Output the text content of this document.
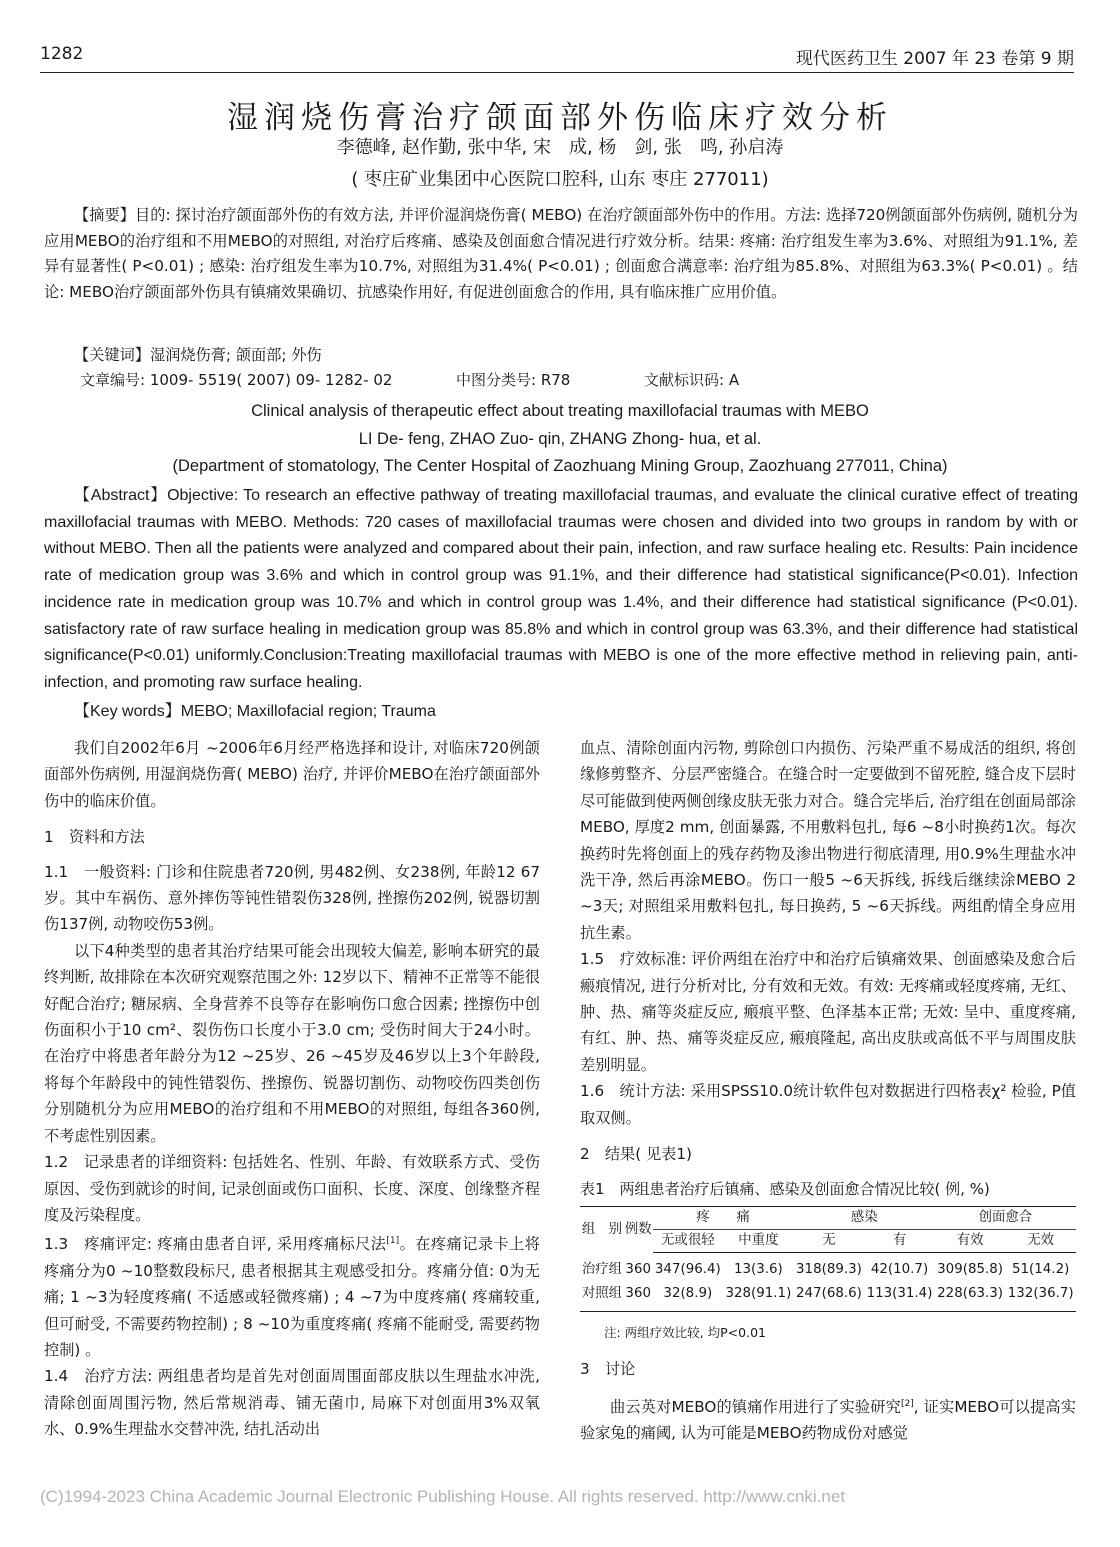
1282	现代医药卫生 2007 年 23 卷第 9 期
湿润烧伤膏治疗颌面部外伤临床疗效分析
李德峰, 赵作勤, 张中华, 宋　成, 杨　剑, 张　鸣, 孙启涛
( 枣庄矿业集团中心医院口腔科, 山东 枣庄 277011)
【摘要】目的: 探讨治疗颌面部外伤的有效方法, 并评价湿润烧伤膏( MEBO) 在治疗颌面部外伤中的作用。方法: 选择720例颌面部外伤病例, 随机分为应用MEBO的治疗组和不用MEBO的对照组, 对治疗后疼痛、感染及创面愈合情况进行疗效分析。结果: 疼痛: 治疗组发生率为3.6%、对照组为91.1%, 差异有显著性( P<0.01) ; 感染: 治疗组发生率为10.7%, 对照组为31.4%( P<0.01) ; 创面愈合满意率: 治疗组为85.8%、对照组为63.3%( P<0.01) 。结论: MEBO治疗颌面部外伤具有镇痛效果确切、抗感染作用好, 有促进创面愈合的作用, 具有临床推广应用价值。
【关键词】湿润烧伤膏; 颌面部; 外伤
文章编号: 1009- 5519( 2007) 09- 1282- 02	中图分类号: R78	文献标识码: A
Clinical analysis of therapeutic effect about treating maxillofacial traumas with MEBO
LI De- feng, ZHAO Zuo- qin, ZHANG Zhong- hua, et al.
(Department of stomatology, The Center Hospital of Zaozhuang Mining Group, Zaozhuang 277011, China)
【Abstract】Objective: To research an effective pathway of treating maxillofacial traumas, and evaluate the clinical curative effect of treating maxillofacial traumas with MEBO. Methods: 720 cases of maxillofacial traumas were chosen and divided into two groups in random by with or without MEBO. Then all the patients were analyzed and compared about their pain, infection, and raw surface healing etc. Results: Pain incidence rate of medication group was 3.6% and which in control group was 91.1%, and their difference had statistical significance(P<0.01). Infection incidence rate in medication group was 10.7% and which in control group was 1.4%, and their difference had statistical significance (P<0.01). satisfactory rate of raw surface healing in medication group was 85.8% and which in control group was 63.3%, and their difference had statistical significance(P<0.01) uniformly.Conclusion:Treating maxillofacial traumas with MEBO is one of the more effective method in relieving pain, anti- infection, and promoting raw surface healing.
【Key words】MEBO; Maxillofacial region; Trauma

我们自2002年6月 ~2006年6月经严格选择和设计, 对临床720例颌面部外伤病例, 用湿润烧伤膏( MEBO) 治疗, 并评价MEBO在治疗颌面部外伤中的临床价值。

1　资料和方法

1.1　一般资料: 门诊和住院患者720例, 男482例、女238例, 年龄12 67岁。其中车祸伤、意外摔伤等钝性错裂伤328例, 挫擦伤202例, 锐器切割伤137例, 动物咬伤53例。

以下4种类型的患者其治疗结果可能会出现较大偏差, 影响本研究的最终判断, 故排除在本次研究观察范围之外: 12岁以下、精神不正常等不能很好配合治疗; 糖尿病、全身营养不良等存在影响伤口愈合因素; 挫擦伤中创伤面积小于10 cm²、裂伤伤口长度小于3.0 cm; 受伤时间大于24小时。在治疗中将患者年龄分为12 ~25岁、26 ~45岁及46岁以上3个年龄段, 将每个年龄段中的钝性错裂伤、挫擦伤、锐器切割伤、动物咬伤四类创伤分别随机分为应用MEBO的治疗组和不用MEBO的对照组, 每组各360例, 不考虑性别因素。

1.2　记录患者的详细资料: 包括姓名、性别、年龄、有效联系方式、受伤原因、受伤到就诊的时间, 记录创面或伤口面积、长度、深度、创缘整齐程度及污染程度。

1.3　疼痛评定: 疼痛由患者自评, 采用疼痛标尺法[1]。在疼痛记录卡上将疼痛分为0 ~10整数段标尺, 患者根据其主观感受扣分。疼痛分值: 0为无痛; 1 ~3为轻度疼痛( 不适感或轻微疼痛) ; 4 ~7为中度疼痛( 疼痛较重, 但可耐受, 不需要药物控制) ; 8 ~10为重度疼痛( 疼痛不能耐受, 需要药物控制) 。

1.4　治疗方法: 两组患者均是首先对创面周围面部皮肤以生理盐水冲洗, 清除创面周围污物, 然后常规消毒、铺无菌巾, 局麻下对创面用3%双氧水、0.9%生理盐水交替冲洗, 结扎活动出

血点、清除创面内污物, 剪除创口内损伤、污染严重不易成活的组织, 将创缘修剪整齐、分层严密缝合。在缝合时一定要做到不留死腔, 缝合皮下层时尽可能做到使两侧创缘皮肤无张力对合。缝合完毕后, 治疗组在创面局部涂MEBO, 厚度2 mm, 创面暴露, 不用敷料包扎, 每6 ~8小时换药1次。每次换药时先将创面上的残存药物及渗出物进行彻底清理, 用0.9%生理盐水冲洗干净, 然后再涂MEBO。伤口一般5 ~6天拆线, 拆线后继续涂MEBO 2 ~3天; 对照组采用敷料包扎, 每日换药, 5 ~6天拆线。两组酌情全身应用抗生素。

1.5　疗效标准: 评价两组在治疗中和治疗后镇痛效果、创面感染及愈合后瘢痕情况, 进行分析对比, 分有效和无效。有效: 无疼痛或轻度疼痛, 无红、肿、热、痛等炎症反应, 瘢痕平整、色泽基本正常; 无效: 呈中、重度疼痛, 有红、肿、热、痛等炎症反应, 瘢痕隆起, 高出皮肤或高低不平与周围皮肤差别明显。

1.6　统计方法: 采用SPSS10.0统计软件包对数据进行四格表χ² 检验, P值取双侧。

2　结果( 见表1)

表1　两组患者治疗后镇痛、感染及创面愈合情况比较( 例, %)

组　别	例数	疼　　痛		感染		创面愈合	
		无或很轻	中重度	无	有	有效	无效
治疗组	360	347(96.4)	13(3.6)	318(89.3)	42(10.7)	309(85.8)	51(14.2)
对照组	360	32(8.9)	328(91.1)	247(68.6)	113(31.4)	228(63.3)	132(36.7)

注: 两组疗效比较, 均P<0.01

3　讨论

曲云英对MEBO的镇痛作用进行了实验研究[2], 证实MEBO可以提高实验家兔的痛阈, 认为可能是MEBO药物成份对感觉

(C)1994-2023 China Academic Journal Electronic Publishing House. All rights reserved. http://www.cnki.net
